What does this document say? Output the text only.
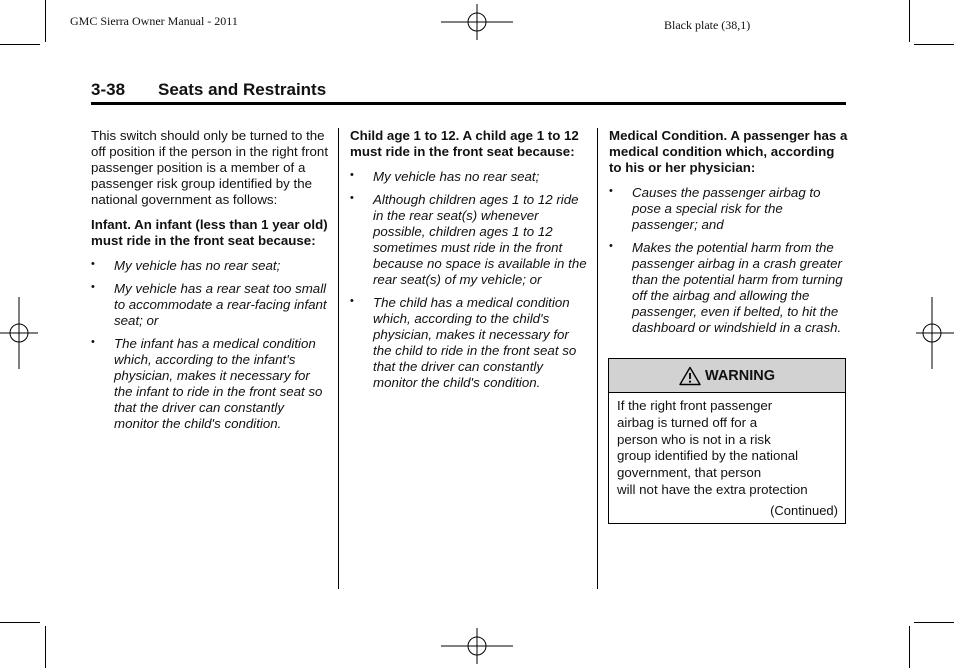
GMC Sierra Owner Manual - 2011	Black plate (38,1)
3-38 Seats and Restraints

This switch should only be turned to the off position if the person in the right front passenger position is a member of a passenger risk group identified by the national government as follows:

Infant. An infant (less than 1 year old) must ride in the front seat because:

• My vehicle has no rear seat;
• My vehicle has a rear seat too small to accommodate a rear-facing infant seat; or
• The infant has a medical condition which, according to the infant's physician, makes it necessary for the infant to ride in the front seat so that the driver can constantly monitor the child's condition.

Child age 1 to 12. A child age 1 to 12 must ride in the front seat because:

• My vehicle has no rear seat;
• Although children ages 1 to 12 ride in the rear seat(s) whenever possible, children ages 1 to 12 sometimes must ride in the front because no space is available in the rear seat(s) of my vehicle; or
• The child has a medical condition which, according to the child's physician, makes it necessary for the child to ride in the front seat so that the driver can constantly monitor the child's condition.

Medical Condition. A passenger has a medical condition which, according to his or her physician:

• Causes the passenger airbag to pose a special risk for the passenger; and
• Makes the potential harm from the passenger airbag in a crash greater than the potential harm from turning off the airbag and allowing the passenger, even if belted, to hit the dashboard or windshield in a crash.
WARNING
If the right front passenger
airbag is turned off for a
person who is not in a risk
group identified by the national
government, that person
will not have the extra protection
(Continued)
